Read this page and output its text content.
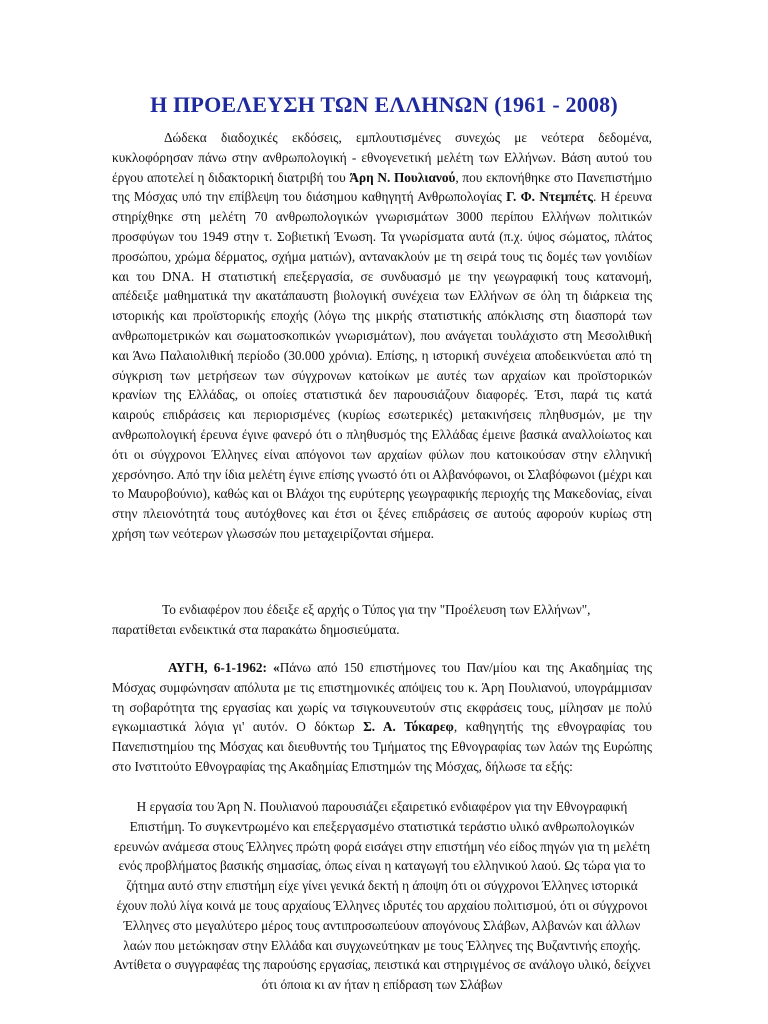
Η ΠΡΟΕΛΕΥΣΗ ΤΩΝ ΕΛΛΗΝΩΝ (1961 - 2008)
Δώδεκα διαδοχικές εκδόσεις, εμπλουτισμένες συνεχώς με νεότερα δεδομένα, κυκλοφόρησαν πάνω στην ανθρωπολογική - εθνογενετική μελέτη των Ελλήνων. Βάση αυτού του έργου αποτελεί η διδακτορική διατριβή του Άρη Ν. Πουλιανού, που εκπονήθηκε στο Πανεπιστήμιο της Μόσχας υπό την επίβλεψη του διάσημου καθηγητή Ανθρωπολογίας Γ. Φ. Ντεμπέτς. Η έρευνα στηρίχθηκε στη μελέτη 70 ανθρωπολογικών γνωρισμάτων 3000 περίπου Ελλήνων πολιτικών προσφύγων του 1949 στην τ. Σοβιετική Ένωση. Τα γνωρίσματα αυτά (π.χ. ύψος σώματος, πλάτος προσώπου, χρώμα δέρματος, σχήμα ματιών), αντανακλούν με τη σειρά τους τις δομές των γονιδίων και του DNA. Η στατιστική επεξεργασία, σε συνδυασμό με την γεωγραφική τους κατανομή, απέδειξε μαθηματικά την ακατάπαυστη βιολογική συνέχεια των Ελλήνων σε όλη τη διάρκεια της ιστορικής και προϊστορικής εποχής (λόγω της μικρής στατιστικής απόκλισης στη διασπορά των ανθρωπομετρικών και σωματοσκοπικών γνωρισμάτων), που ανάγεται τουλάχιστο στη Μεσολιθική και Άνω Παλαιολιθική περίοδο (30.000 χρόνια). Επίσης, η ιστορική συνέχεια αποδεικνύεται από τη σύγκριση των μετρήσεων των σύγχρονων κατοίκων με αυτές των αρχαίων και προϊστορικών κρανίων της Ελλάδας, οι οποίες στατιστικά δεν παρουσιάζουν διαφορές. Έτσι, παρά τις κατά καιρούς επιδράσεις και περιορισμένες (κυρίως εσωτερικές) μετακινήσεις πληθυσμών, με την ανθρωπολογική έρευνα έγινε φανερό ότι ο πληθυσμός της Ελλάδας έμεινε βασικά αναλλοίωτος και ότι οι σύγχρονοι Έλληνες είναι απόγονοι των αρχαίων φύλων που κατοικούσαν στην ελληνική χερσόνησο. Από την ίδια μελέτη έγινε επίσης γνωστό ότι οι Αλβανόφωνοι, οι Σλαβόφωνοι (μέχρι και το Μαυροβούνιο), καθώς και οι Βλάχοι της ευρύτερης γεωγραφικής περιοχής της Μακεδονίας, είναι στην πλειονότητά τους αυτόχθονες και έτσι οι ξένες επιδράσεις σε αυτούς αφορούν κυρίως στη χρήση των νεότερων γλωσσών που μεταχειρίζονται σήμερα.
Το ενδιαφέρον που έδειξε εξ αρχής ο Τύπος για την "Προέλευση των Ελλήνων", παρατίθεται ενδεικτικά στα παρακάτω δημοσιεύματα.
ΑΥΓΗ, 6-1-1962: «Πάνω από 150 επιστήμονες του Παν/μίου και της Ακαδημίας της Μόσχας συμφώνησαν απόλυτα με τις επιστημονικές απόψεις του κ. Άρη Πουλιανού, υπογράμμισαν τη σοβαρότητα της εργασίας και χωρίς να τσιγκουνευτούν στις εκφράσεις τους, μίλησαν με πολύ εγκωμιαστικά λόγια γι' αυτόν. Ο δόκτωρ Σ. Α. Τόκαρεφ, καθηγητής της εθνογραφίας του Πανεπιστημίου της Μόσχας και διευθυντής του Τμήματος της Εθνογραφίας των λαών της Ευρώπης στο Ινστιτούτο Εθνογραφίας της Ακαδημίας Επιστημών της Μόσχας, δήλωσε τα εξής:
Η εργασία του Άρη Ν. Πουλιανού παρουσιάζει εξαιρετικό ενδιαφέρον για την Εθνογραφική Επιστήμη. Το συγκεντρωμένο και επεξεργασμένο στατιστικά τεράστιο υλικό ανθρωπολογικών ερευνών ανάμεσα στους Έλληνες πρώτη φορά εισάγει στην επιστήμη νέο είδος πηγών για τη μελέτη ενός προβλήματος βασικής σημασίας, όπως είναι η καταγωγή του ελληνικού λαού. Ως τώρα για το ζήτημα αυτό στην επιστήμη είχε γίνει γενικά δεκτή η άποψη ότι οι σύγχρονοι Έλληνες ιστορικά έχουν πολύ λίγα κοινά με τους αρχαίους Έλληνες ιδρυτές του αρχαίου πολιτισμού, ότι οι σύγχρονοι Έλληνες στο μεγαλύτερο μέρος τους αντιπροσωπεύουν απογόνους Σλάβων, Αλβανών και άλλων λαών που μετώκησαν στην Ελλάδα και συγχωνεύτηκαν με τους Έλληνες της Βυζαντινής εποχής. Αντίθετα ο συγγραφέας της παρούσης εργασίας, πειστικά και στηριγμένος σε ανάλογο υλικό, δείχνει ότι όποια κι αν ήταν η επίδραση των Σλάβων
